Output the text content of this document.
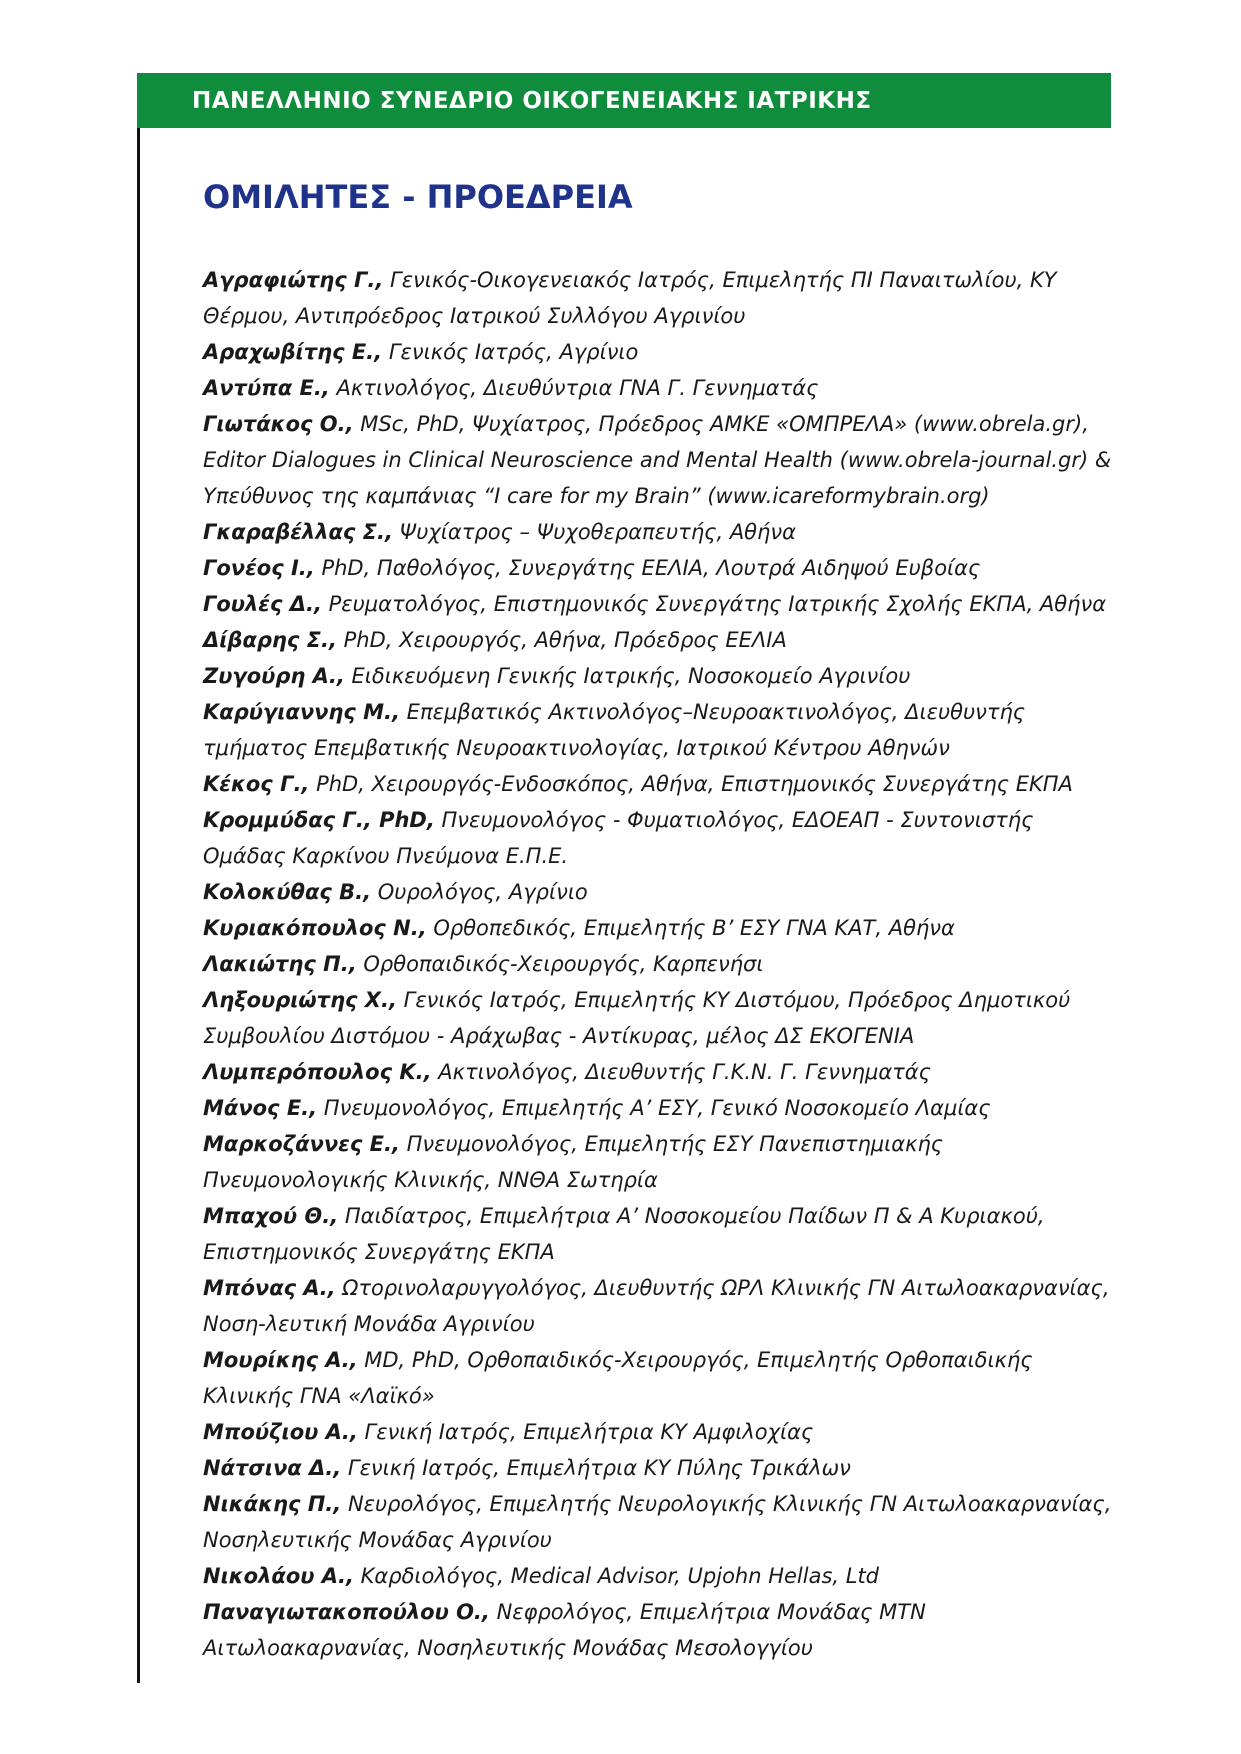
ΠΑΝΕΛΛΗΝΙΟ ΣΥΝΕΔΡΙΟ ΟΙΚΟΓΕΝΕΙΑΚΗΣ ΙΑΤΡΙΚΗΣ
ΟΜΙΛΗΤΕΣ - ΠΡΟΕΔΡΕΙΑ
Αγραφιώτης Γ., Γενικός-Οικογενειακός Ιατρός, Επιμελητής ΠΙ Παναιτωλίου, ΚΥ Θέρμου, Αντιπρόεδρος Ιατρικού Συλλόγου Αγρινίου
Αραχωβίτης Ε., Γενικός Ιατρός, Αγρίνιο
Αντύπα Ε., Ακτινολόγος, Διευθύντρια ΓΝΑ Γ. Γεννηματάς
Γιωτάκος Ο., MSc, PhD, Ψυχίατρος, Πρόεδρος ΑΜΚΕ «ΟΜΠΡΕΛΑ» (www.obrela.gr), Editor Dialogues in Clinical Neuroscience and Mental Health (www.obrela-journal.gr) & Υπεύθυνος της καμπάνιας “I care for my Brain” (www.icareformybrain.org)
Γκαραβέλλας Σ., Ψυχίατρος – Ψυχοθεραπευτής, Αθήνα
Γονέος Ι., PhD, Παθολόγος, Συνεργάτης ΕΕΛΙΑ, Λουτρά Αιδηψού Ευβοίας
Γουλές Δ., Ρευματολόγος, Επιστημονικός Συνεργάτης Ιατρικής Σχολής ΕΚΠΑ, Αθήνα
Δίβαρης Σ., PhD, Χειρουργός, Αθήνα, Πρόεδρος ΕΕΛΙΑ
Ζυγούρη Α., Ειδικευόμενη Γενικής Ιατρικής, Νοσοκομείο Αγρινίου
Καρύγιαννης Μ., Επεμβατικός Ακτινολόγος–Νευροακτινολόγος, Διευθυντής τμήματος Επεμβατικής Νευροακτινολογίας, Ιατρικού Κέντρου Αθηνών
Κέκος Γ., PhD, Χειρουργός-Ενδοσκόπος, Αθήνα, Επιστημονικός Συνεργάτης ΕΚΠΑ
Κρομμύδας Γ., PhD, Πνευμονολόγος - Φυματιολόγος, ΕΔΟΕΑΠ - Συντονιστής Ομάδας Καρκίνου Πνεύμονα Ε.Π.Ε.
Κολοκύθας Β., Ουρολόγος, Αγρίνιο
Κυριακόπουλος Ν., Ορθοπεδικός, Επιμελητής Β’ ΕΣΥ ΓΝΑ ΚΑΤ, Αθήνα
Λακιώτης Π., Ορθοπαιδικός-Χειρουργός, Καρπενήσι
Ληξουριώτης Χ., Γενικός Ιατρός, Επιμελητής ΚΥ Διστόμου, Πρόεδρος Δημοτικού Συμβουλίου Διστόμου - Αράχωβας - Αντίκυρας, μέλος ΔΣ ΕΚΟΓΕΝΙΑ
Λυμπερόπουλος Κ., Ακτινολόγος, Διευθυντής Γ.Κ.Ν. Γ. Γεννηματάς
Μάνος Ε., Πνευμονολόγος, Επιμελητής Α’ ΕΣΥ, Γενικό Νοσοκομείο Λαμίας
Μαρκοζάννες Ε., Πνευμονολόγος, Επιμελητής ΕΣΥ Πανεπιστημιακής Πνευμονολογικής Κλινικής, ΝΝΘΑ Σωτηρία
Μπαχού Θ., Παιδίατρος, Επιμελήτρια Α’ Νοσοκομείου Παίδων Π & Α Κυριακού, Επιστημονικός Συνεργάτης ΕΚΠΑ
Μπόνας Α., Ωτορινολαρυγγολόγος, Διευθυντής ΩΡΛ Κλινικής ΓΝ Αιτωλοακαρνανίας, Νοση-λευτική Μονάδα Αγρινίου
Μουρίκης Α., MD, PhD, Ορθοπαιδικός-Χειρουργός, Επιμελητής Ορθοπαιδικής Κλινικής ΓΝΑ «Λαϊκό»
Μπούζιου Α., Γενική Ιατρός, Επιμελήτρια ΚΥ Αμφιλοχίας
Νάτσινα Δ., Γενική Ιατρός, Επιμελήτρια ΚΥ Πύλης Τρικάλων
Νικάκης Π., Νευρολόγος, Επιμελητής Νευρολογικής Κλινικής ΓΝ Αιτωλοακαρνανίας, Νοσηλευτικής Μονάδας Αγρινίου
Νικολάου Α., Καρδιολόγος, Medical Advisor, Upjohn Hellas, Ltd
Παναγιωτακοπούλου Ο., Νεφρολόγος, Επιμελήτρια Μονάδας ΜΤΝ Αιτωλοακαρνανίας, Νοσηλευτικής Μονάδας Μεσολογγίου
